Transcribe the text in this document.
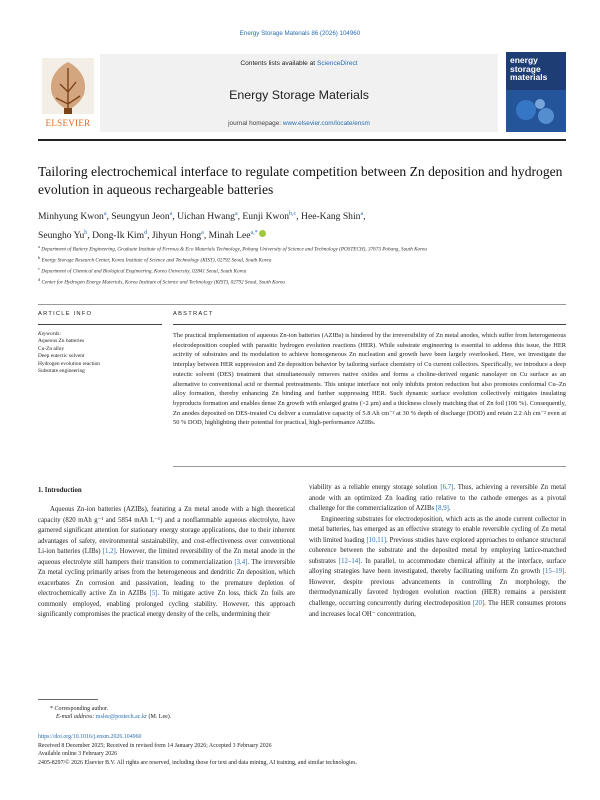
Energy Storage Materials 86 (2026) 104960
ELSEVIER
Contents lists available at ScienceDirect
Energy Storage Materials
journal homepage: www.elsevier.com/locate/ensm
energy
storage
materials
Tailoring electrochemical interface to regulate competition between Zn deposition and hydrogen evolution in aqueous rechargeable batteries
Minhyung Kwon$^a$, Seungyun Jeon$^a$, Uichan Hwang$^a$, Eunji Kwon$^{b,c}$, Hee-Kang Shin$^a$,
Seungho Yu$^b$, Dong-Ik Kim$^d$, Jihyun Hong$^a$, Minah Lee$^{a,*}$

$^a$ Department of Battery Engineering, Graduate Institute of Ferrous & Eco Materials Technology, Pohang University of Science and Technology (POSTECH), 37673 Pohang, South Korea

$^b$ Energy Storage Research Center, Korea Institute of Science and Technology (KIST), 02792 Seoul, South Korea

$^c$ Department of Chemical and Biological Engineering, Korea University, 02841 Seoul, South Korea

$^d$ Center for Hydrogen Energy Materials, Korea Institute of Science and Technology (KIST), 02792 Seoul, South Korea

ARTICLE INFO	ABSTRACT
Keywords:
Aqueous Zn batteries
Cu-Zn alloy
Deep eutectic solvent
Hydrogen evolution reaction
Substrate engineering
The practical implementation of aqueous Zn-ion batteries (AZIBs) is hindered by the irreversibility of Zn metal anodes, which suffer from heterogeneous electrodeposition coupled with parasitic hydrogen evolution reactions (HER). While substrate engineering is essential to address this issue, the HER activity of substrates and its modulation to achieve homogeneous Zn nucleation and growth have been largely overlooked. Here, we investigate the interplay between HER suppression and Zn deposition behavior by tailoring surface chemistry of Cu current collectors. Specifically, we introduce a deep eutectic solvent (DES) treatment that simultaneously removes native oxides and forms a choline-derived organic nanolayer on Cu surface as an alternative to conventional acid or thermal pretreatments. This unique interface not only inhibits proton reduction but also promotes conformal Cu–Zn alloy formation, thereby enhancing Zn binding and further suppressing HER. Such dynamic surface evolution collectively mitigates insulating byproducts formation and enables dense Zn growth with enlarged grains (>2 μm) and a thickness closely matching that of Zn foil (106 %). Consequently, Zn anodes deposited on DES-treated Cu deliver a cumulative capacity of 5.8 Ah cm⁻² at 30 % depth of discharge (DOD) and retain 2.2 Ah cm⁻² even at 50 % DOD, highlighting their potential for practical, high-performance AZIBs.
1. Introduction

Aqueous Zn-ion batteries (AZIBs), featuring a Zn metal anode with a high theoretical capacity (820 mAh g⁻¹ and 5854 mAh L⁻¹) and a nonflammable aqueous electrolyte, have garnered significant attention for stationary energy storage applications, due to their inherent advantages of safety, environmental sustainability, and cost-effectiveness over conventional Li-ion batteries (LIBs) [1,2]. However, the limited reversibility of the Zn metal anode in the aqueous electrolyte still hampers their transition to commercialization [3,4]. The irreversible Zn metal cycling primarily arises from the heterogeneous and dendritic Zn deposition, which exacerbates Zn corrosion and passivation, leading to the premature depletion of electrochemically active Zn in AZIBs [5]. To mitigate active Zn loss, thick Zn foils are commonly employed, enabling prolonged cycling stability. However, this approach significantly compromises the practical energy density of the cells, undermining their

viability as a reliable energy storage solution [6,7]. Thus, achieving a reversible Zn metal anode with an optimized Zn loading ratio relative to the cathode emerges as a pivotal challenge for the commercialization of AZIBs [8,9].

Engineering substrates for electrodeposition, which acts as the anode current collector in metal batteries, has emerged as an effective strategy to enable reversible cycling of Zn metal with limited loading [10,11]. Previous studies have explored approaches to enhance structural coherence between the substrate and the deposited metal by employing lattice-matched substrates [12–14]. In parallel, to accommodate chemical affinity at the interface, surface alloying strategies have been investigated, thereby facilitating uniform Zn growth [15–19]. However, despite previous advancements in controlling Zn morphology, the thermodynamically favored hydrogen evolution reaction (HER) remains a persistent challenge, occurring concurrently during electrodeposition [20]. The HER consumes protons and increases local OH⁻ concentration,

* Corresponding author.
E-mail address: mslee@postech.ac.kr (M. Lee).
https://doi.org/10.1016/j.ensm.2026.104960
Received 8 December 2025; Received in revised form 14 January 2026; Accepted 3 February 2026
Available online 3 February 2026
2405-8297/© 2026 Elsevier B.V. All rights are reserved, including those for text and data mining, AI training, and similar technologies.
